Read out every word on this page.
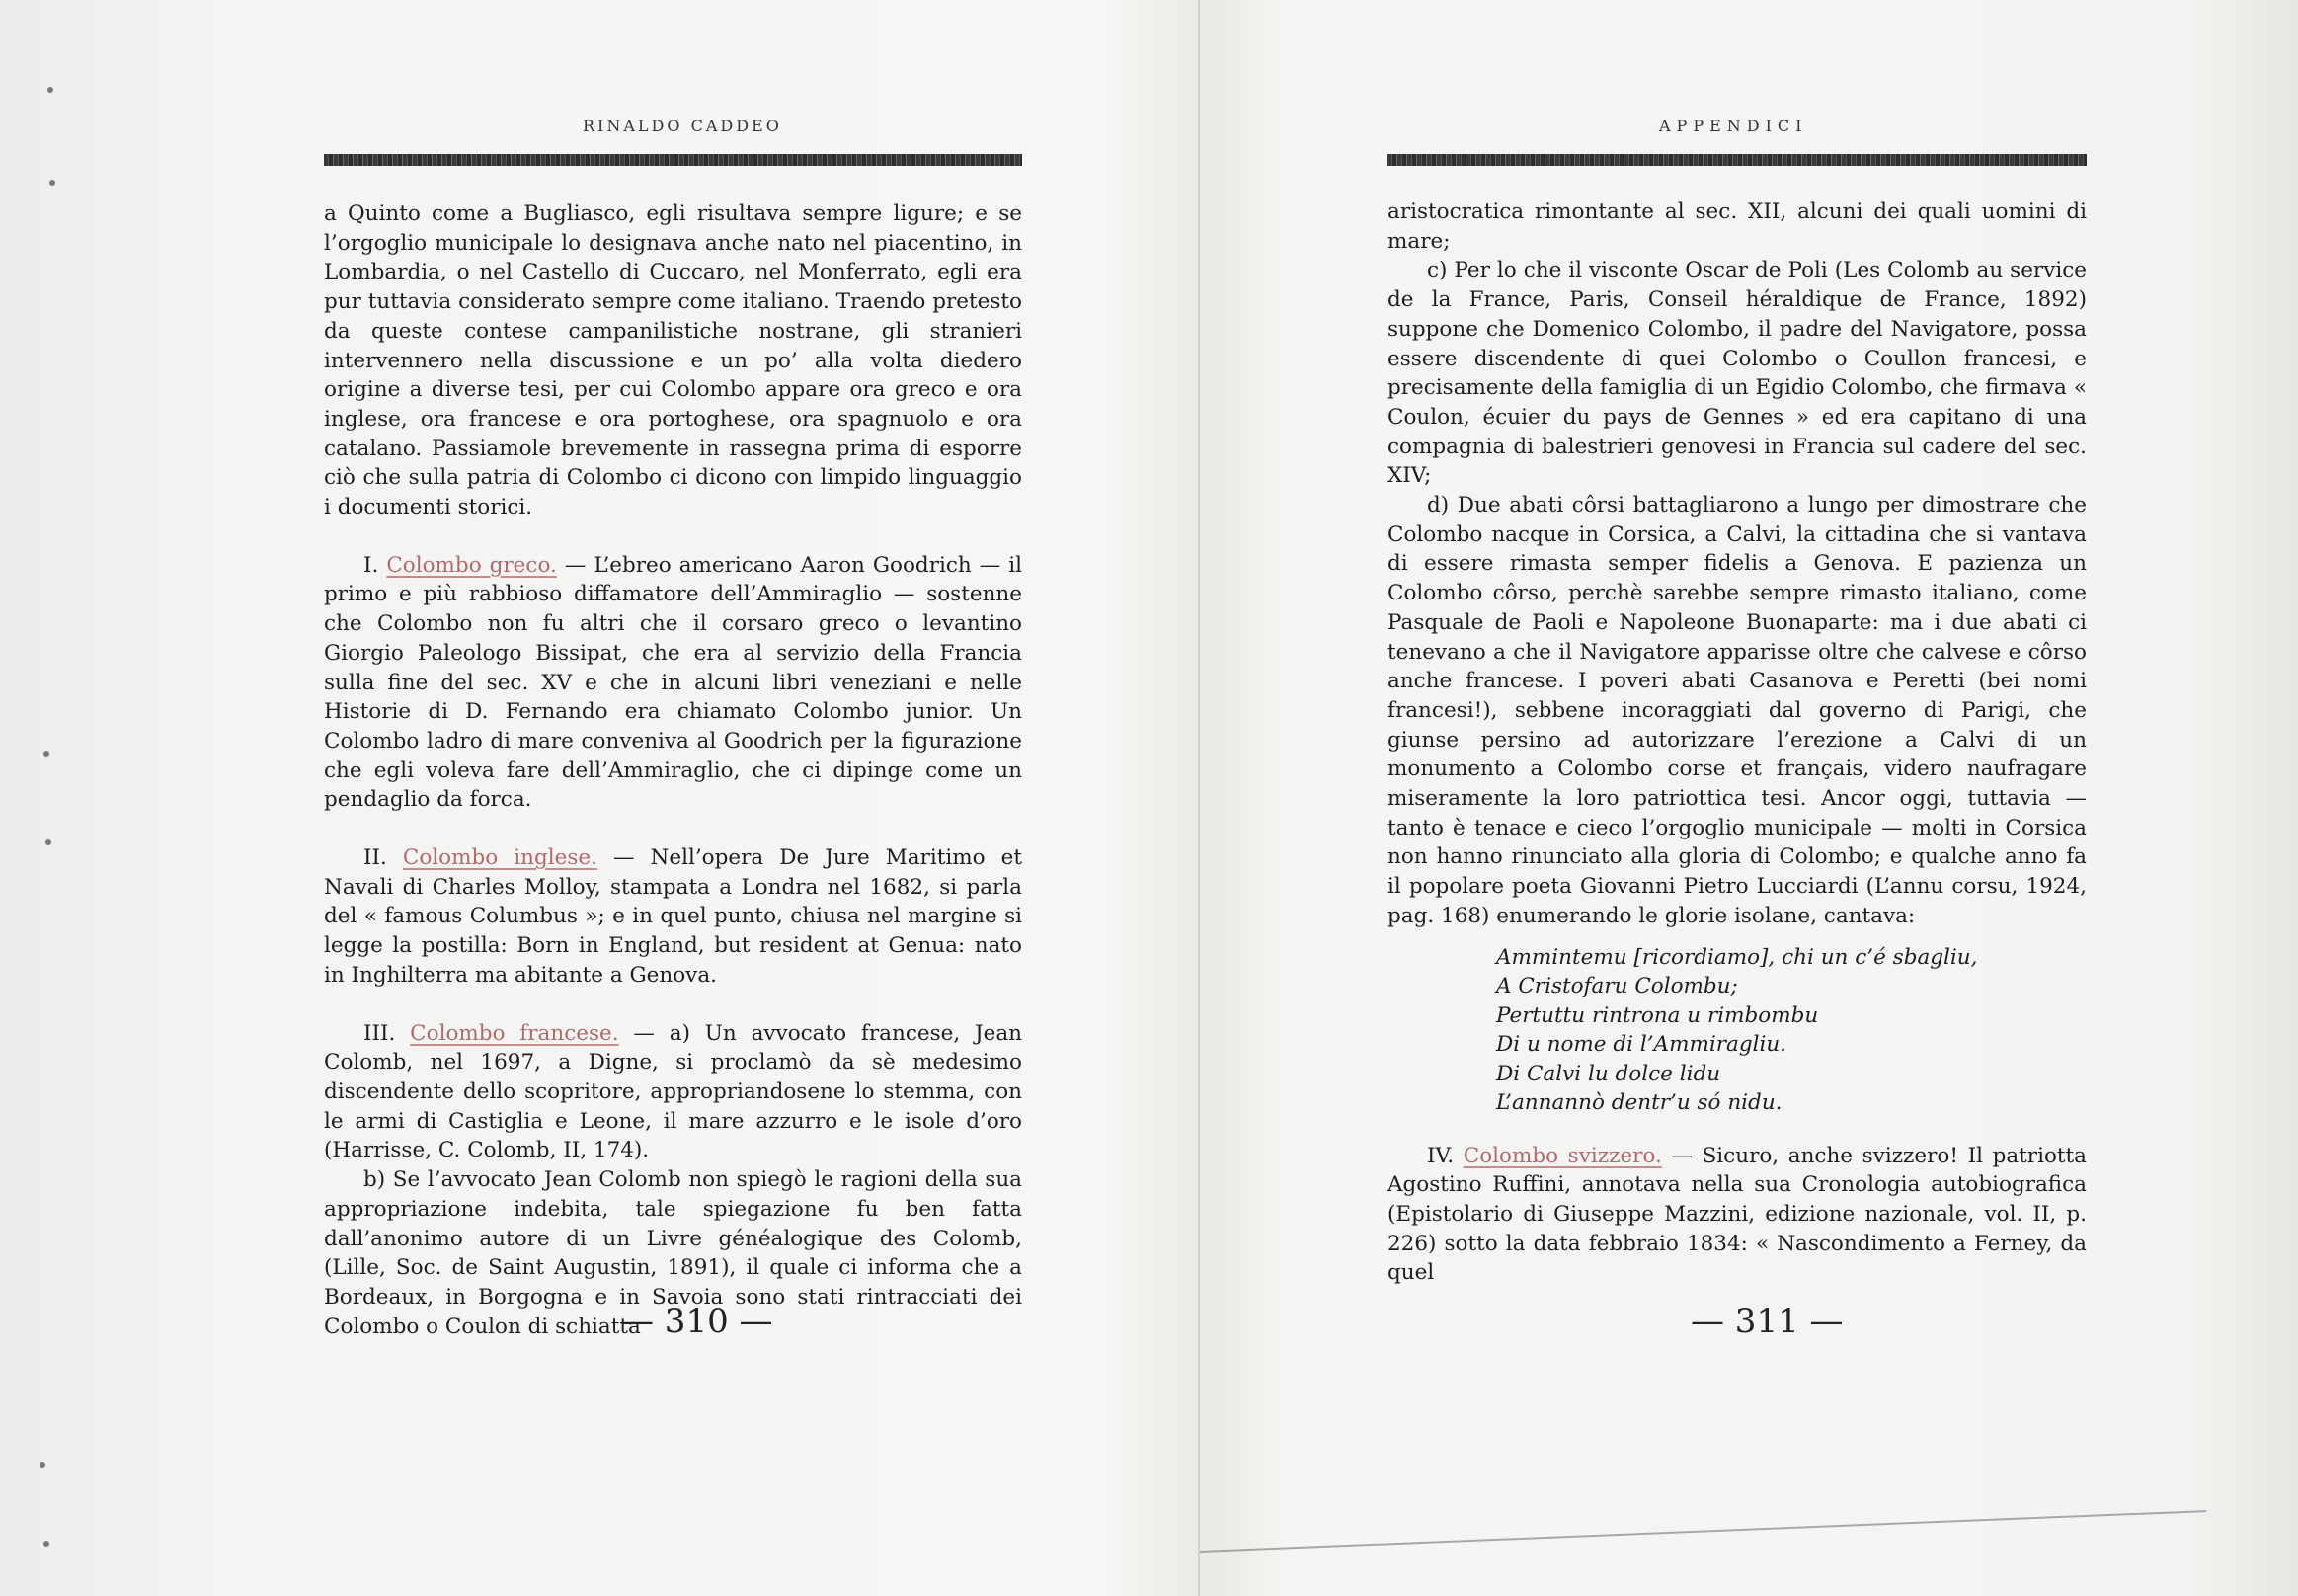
RINALDO CADDEO

a Quinto come a Bugliasco, egli risultava sempre ligure; e se l’orgoglio municipale lo designava anche nato nel piacentino, in Lombardia, o nel Castello di Cuccaro, nel Monferrato, egli era pur tuttavia considerato sempre come italiano. Traendo pretesto da queste contese campanilistiche nostrane, gli stranieri intervennero nella discussione e un po’ alla volta diedero origine a diverse tesi, per cui Colombo appare ora greco e ora inglese, ora francese e ora portoghese, ora spagnuolo e ora catalano. Passiamole brevemente in rassegna prima di esporre ciò che sulla patria di Colombo ci dicono con limpido linguaggio i documenti storici.

I. Colombo greco. — L’ebreo americano Aaron Goodrich — il primo e più rabbioso diffamatore dell’Ammiraglio — sostenne che Colombo non fu altri che il corsaro greco o levantino Giorgio Paleologo Bissipat, che era al servizio della Francia sulla fine del sec. XV e che in alcuni libri veneziani e nelle Historie di D. Fernando era chiamato Colombo junior. Un Colombo ladro di mare conveniva al Goodrich per la figurazione che egli voleva fare dell’Ammiraglio, che ci dipinge come un pendaglio da forca.

II. Colombo inglese. — Nell’opera De Jure Maritimo et Navali di Charles Molloy, stampata a Londra nel 1682, si parla del « famous Columbus »; e in quel punto, chiusa nel margine si legge la postilla: Born in England, but resident at Genua: nato in Inghilterra ma abitante a Genova.

III. Colombo francese. — a) Un avvocato francese, Jean Colomb, nel 1697, a Digne, si proclamò da sè medesimo discendente dello scopritore, appropriandosene lo stemma, con le armi di Castiglia e Leone, il mare azzurro e le isole d’oro (Harrisse, C. Colomb, II, 174).

b) Se l’avvocato Jean Colomb non spiegò le ragioni della sua appropriazione indebita, tale spiegazione fu ben fatta dall’anonimo autore di un Livre généalogique des Colomb, (Lille, Soc. de Saint Augustin, 1891), il quale ci informa che a Bordeaux, in Borgogna e in Savoia sono stati rintracciati dei Colombo o Coulon di schiatta

— 310 —
APPENDICI

aristocratica rimontante al sec. XII, alcuni dei quali uomini di mare;

c) Per lo che il visconte Oscar de Poli (Les Colomb au service de la France, Paris, Conseil héraldique de France, 1892) suppone che Domenico Colombo, il padre del Navigatore, possa essere discendente di quei Colombo o Coullon francesi, e precisamente della famiglia di un Egidio Colombo, che firmava « Coulon, écuier du pays de Gennes » ed era capitano di una compagnia di balestrieri genovesi in Francia sul cadere del sec. XIV;

d) Due abati côrsi battagliarono a lungo per dimostrare che Colombo nacque in Corsica, a Calvi, la cittadina che si vantava di essere rimasta semper fidelis a Genova. E pazienza un Colombo côrso, perchè sarebbe sempre rimasto italiano, come Pasquale de Paoli e Napoleone Buonaparte: ma i due abati ci tenevano a che il Navigatore apparisse oltre che calvese e côrso anche francese. I poveri abati Casanova e Peretti (bei nomi francesi!), sebbene incoraggiati dal governo di Parigi, che giunse persino ad autorizzare l’erezione a Calvi di un monumento a Colombo corse et français, videro naufragare miseramente la loro patriottica tesi. Ancor oggi, tuttavia — tanto è tenace e cieco l’orgoglio municipale — molti in Corsica non hanno rinunciato alla gloria di Colombo; e qualche anno fa il popolare poeta Giovanni Pietro Lucciardi (L’annu corsu, 1924, pag. 168) enumerando le glorie isolane, cantava:

Ammintemu [ricordiamo], chi un c’é sbagliu,
A Cristofaru Colombu;
Pertuttu rintrona u rimbombu
Di u nome di l’Ammiragliu.
Di Calvi lu dolce lidu
L’annannò dentr’u só nidu.

IV. Colombo svizzero. — Sicuro, anche svizzero! Il patriotta Agostino Ruffini, annotava nella sua Cronologia autobiografica (Epistolario di Giuseppe Mazzini, edizione nazionale, vol. II, p. 226) sotto la data febbraio 1834: « Nascondimento a Ferney, da quel

— 311 —
